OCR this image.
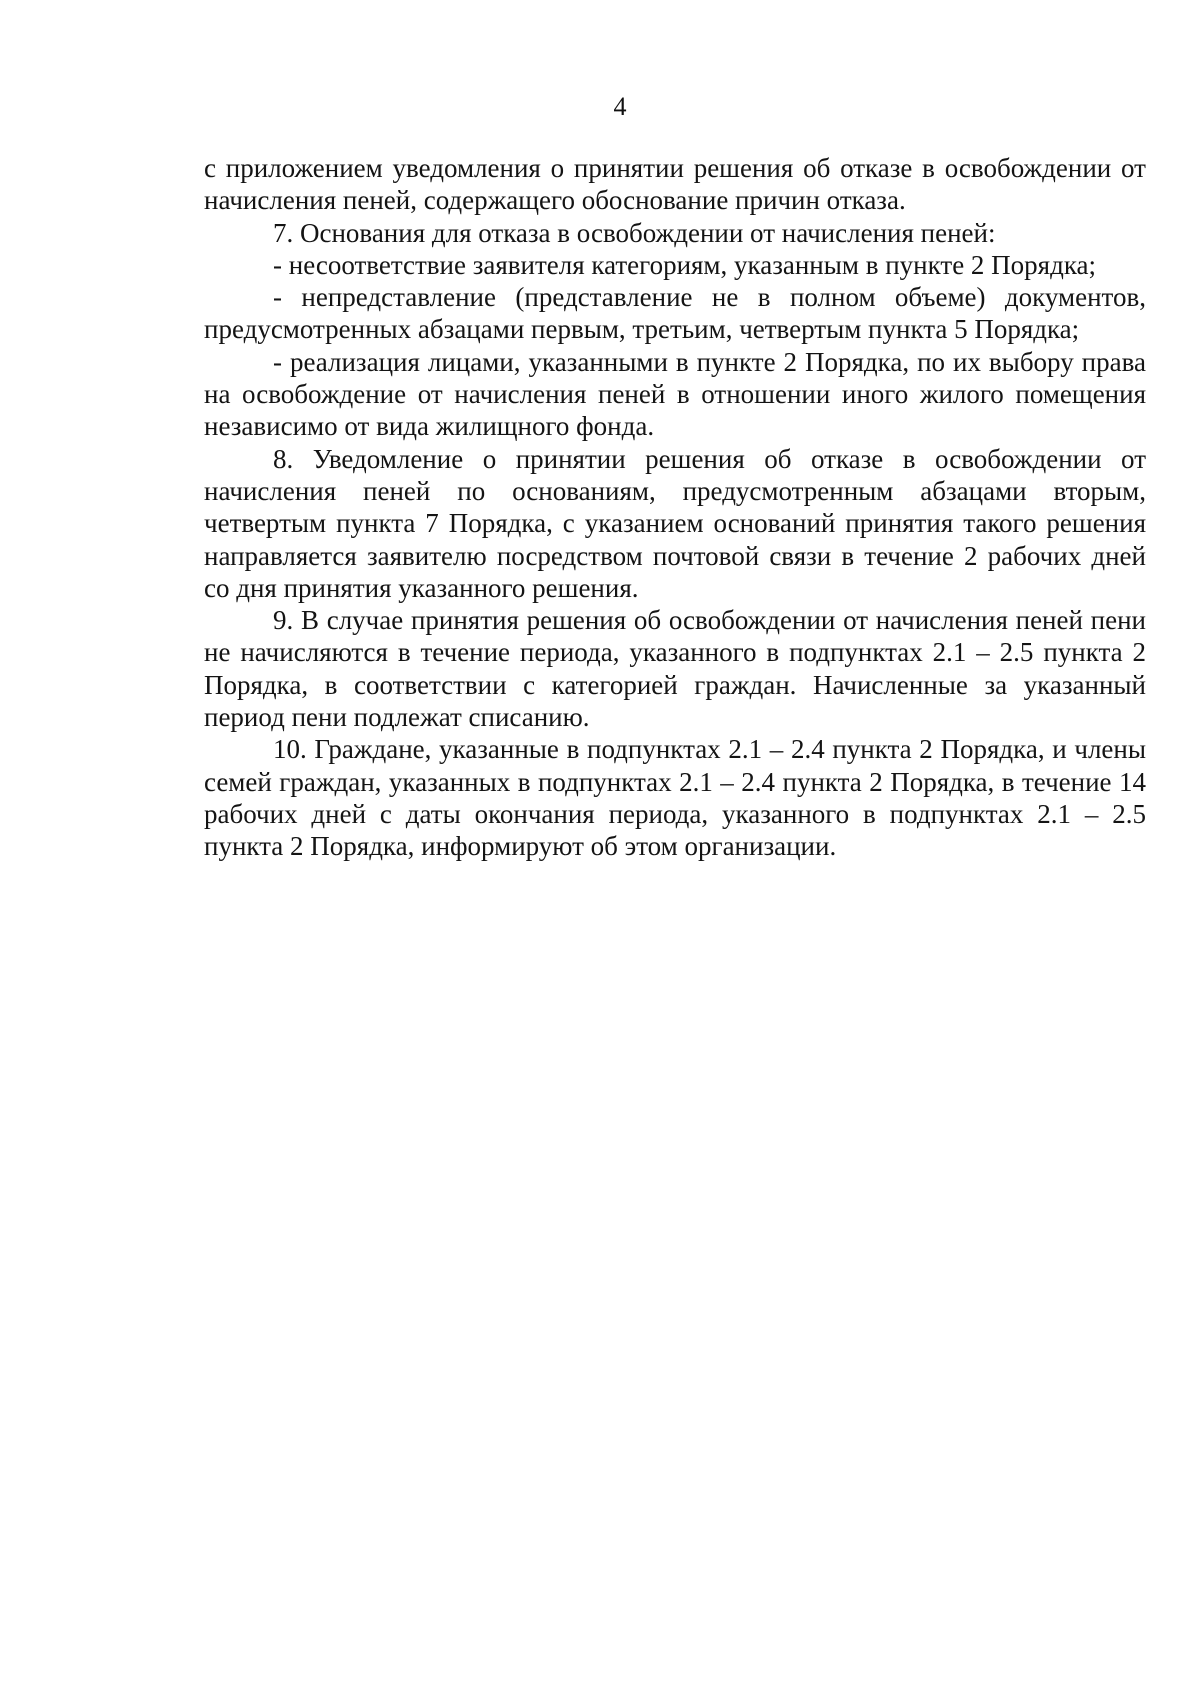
4

с приложением уведомления о принятии решения об отказе в освобождении от начисления пеней, содержащего обоснование причин отказа.

7. Основания для отказа в освобождении от начисления пеней:

- несоответствие заявителя категориям, указанным в пункте 2 Порядка;

- непредставление (представление не в полном объеме) документов, предусмотренных абзацами первым, третьим, четвертым пункта 5 Порядка;

- реализация лицами, указанными в пункте 2 Порядка, по их выбору права на освобождение от начисления пеней в отношении иного жилого помещения независимо от вида жилищного фонда.

8. Уведомление о принятии решения об отказе в освобождении от начисления пеней по основаниям, предусмотренным абзацами вторым, четвертым пункта 7 Порядка, с указанием оснований принятия такого решения направляется заявителю посредством почтовой связи в течение 2 рабочих дней со дня принятия указанного решения.

9. В случае принятия решения об освобождении от начисления пеней пени не начисляются в течение периода, указанного в подпунктах 2.1 – 2.5 пункта 2 Порядка, в соответствии с категорией граждан. Начисленные за указанный период пени подлежат списанию.

10. Граждане, указанные в подпунктах 2.1 – 2.4 пункта 2 Порядка, и члены семей граждан, указанных в подпунктах 2.1 – 2.4 пункта 2 Порядка, в течение 14 рабочих дней с даты окончания периода, указанного в подпунктах 2.1 – 2.5 пункта 2 Порядка, информируют об этом организации.
